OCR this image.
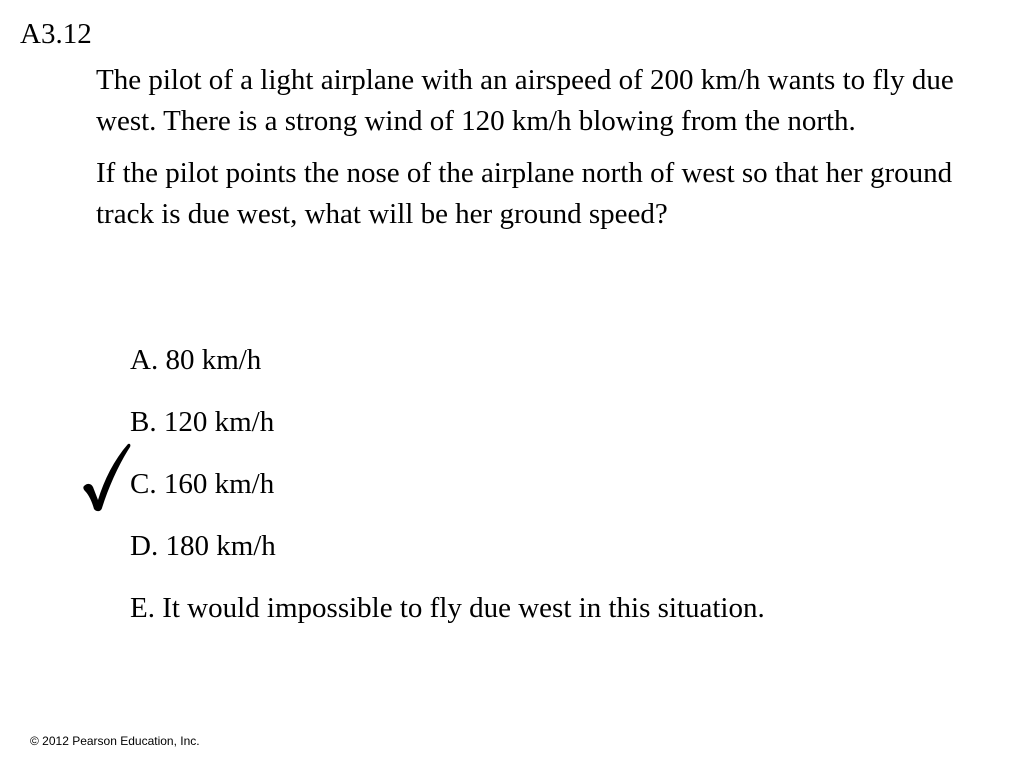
A3.12

The pilot of a light airplane with an airspeed of 200 km/h wants to fly due west. There is a strong wind of 120 km/h blowing from the north.

If the pilot points the nose of the airplane north of west so that her ground track is due west, what will be her ground speed?

A. 80 km/h
B. 120 km/h
C. 160 km/h
D. 180 km/h
E. It would impossible to fly due west in this situation.
© 2012 Pearson Education, Inc.
